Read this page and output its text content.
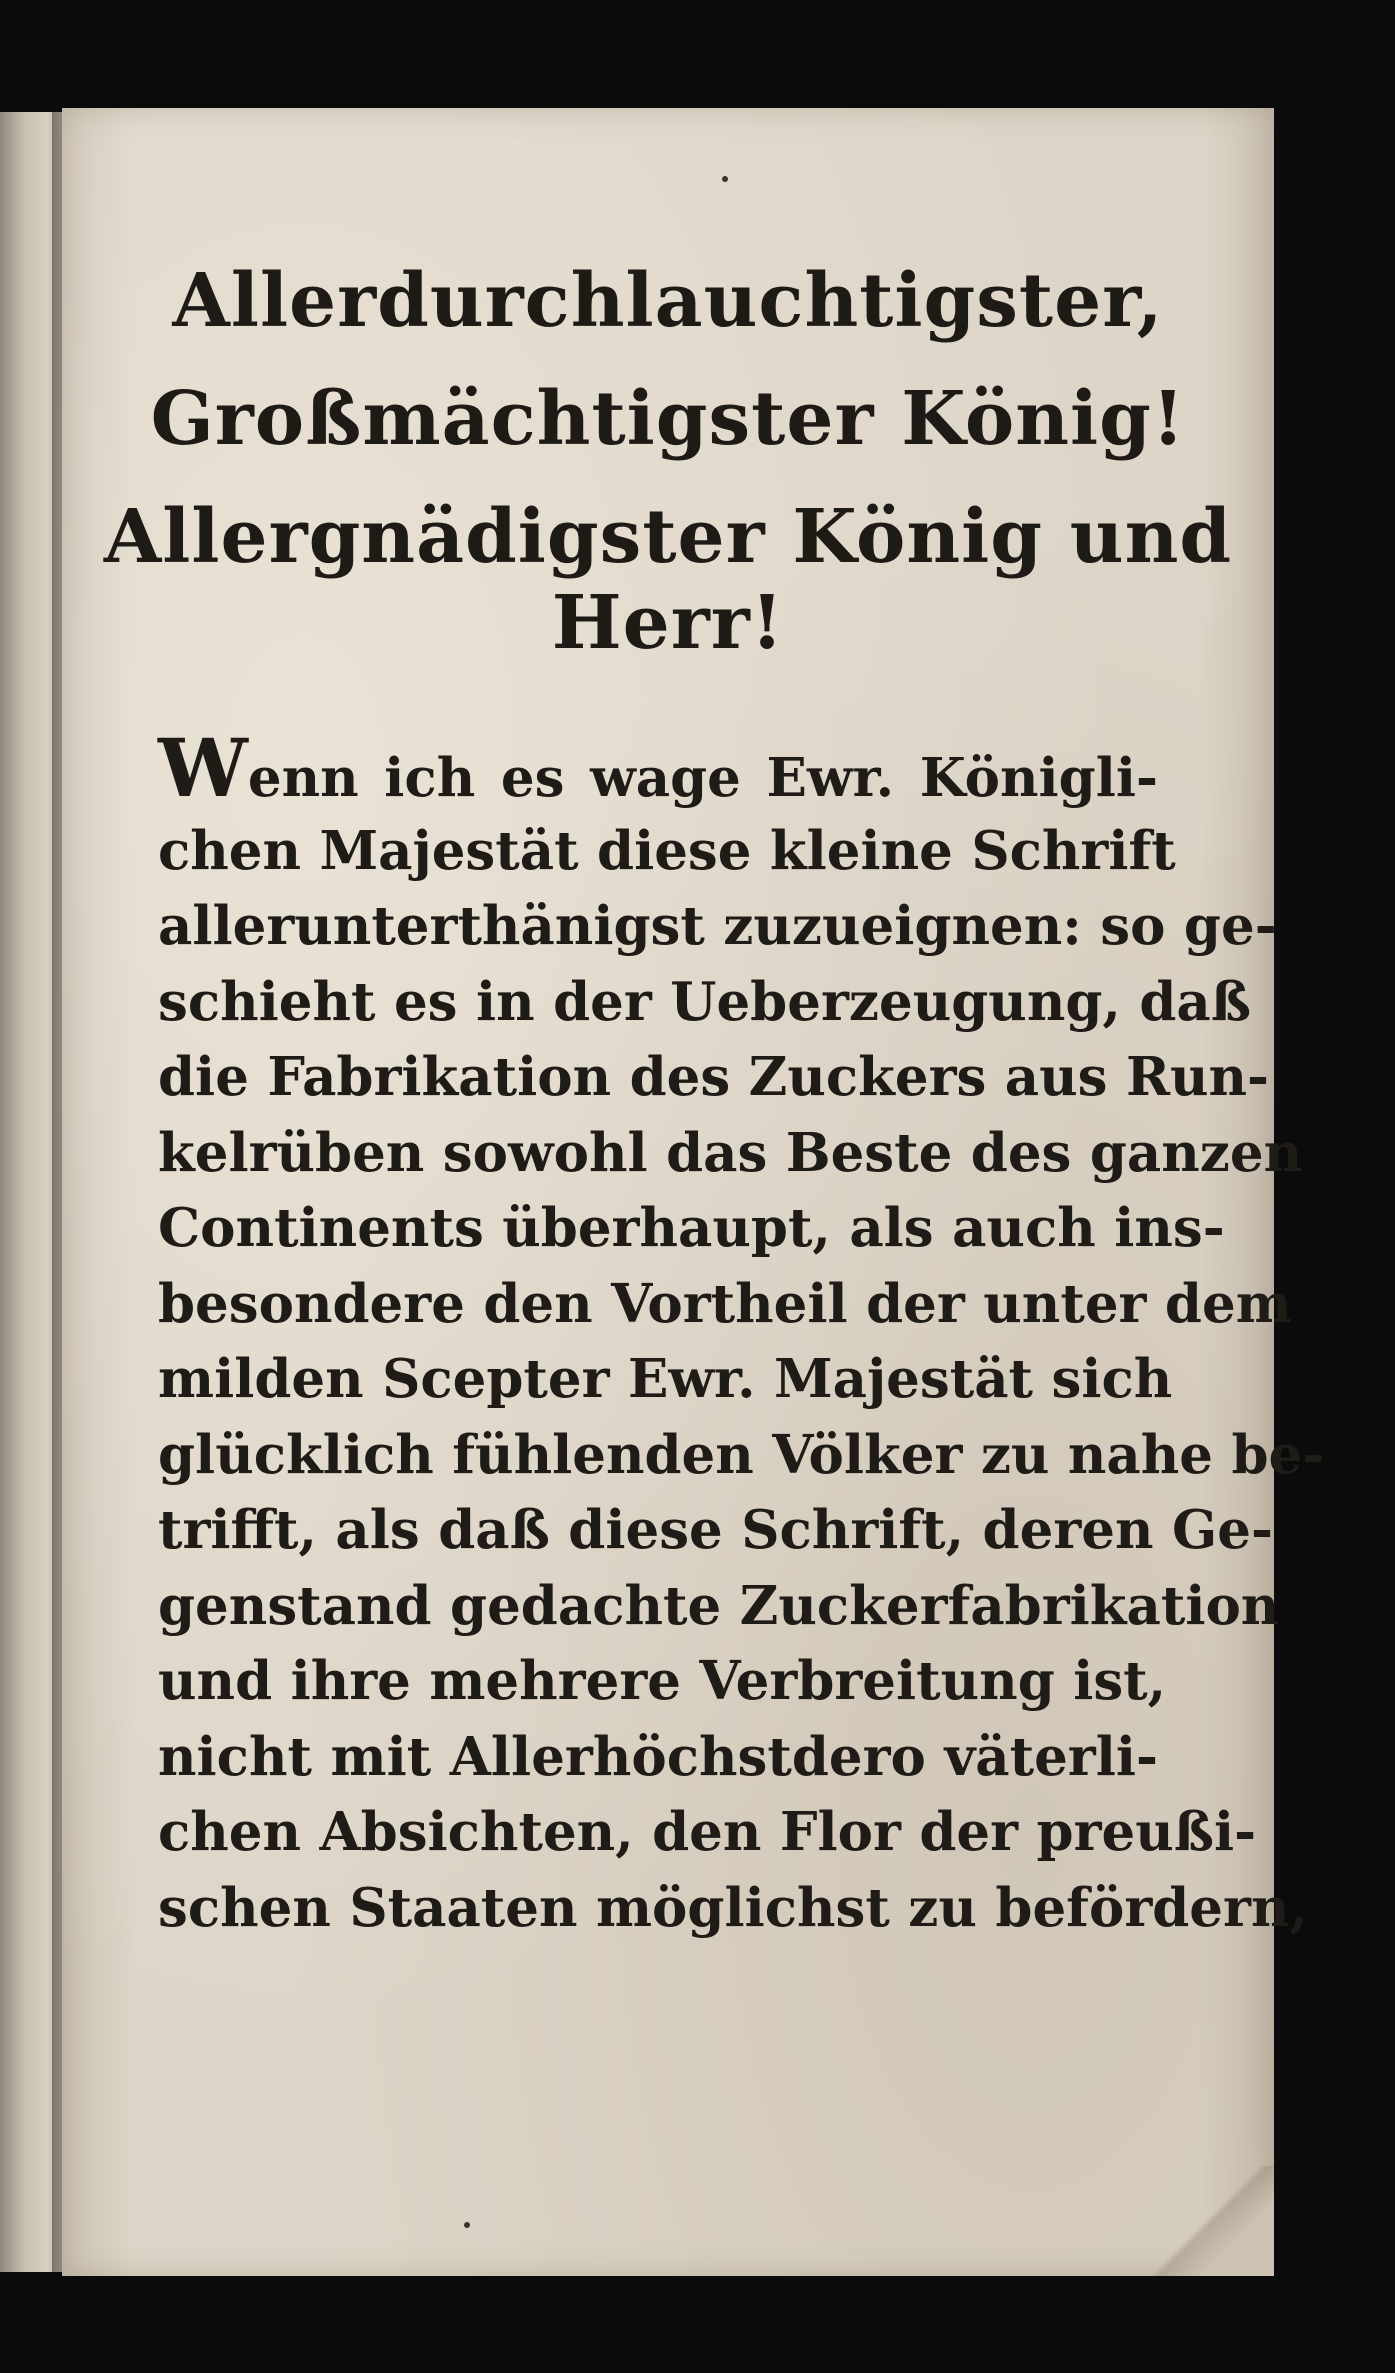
Allerdurchlauchtigster,
Großmächtigster König!
Allergnädigster König und Herr!
Wenn ich es wage Ewr. Königli-
chen Majestät diese kleine Schrift
allerunterthänigst zuzueignen: so ge-
schieht es in der Ueberzeugung, daß
die Fabrikation des Zuckers aus Run-
kelrüben sowohl das Beste des ganzen
Continents überhaupt, als auch ins-
besondere den Vortheil der unter dem
milden Scepter Ewr. Majestät sich
glücklich fühlenden Völker zu nahe be-
trifft, als daß diese Schrift, deren Ge-
genstand gedachte Zuckerfabrikation
und ihre mehrere Verbreitung ist,
nicht mit Allerhöchstdero väterli-
chen Absichten, den Flor der preußi-
schen Staaten möglichst zu befördern,
